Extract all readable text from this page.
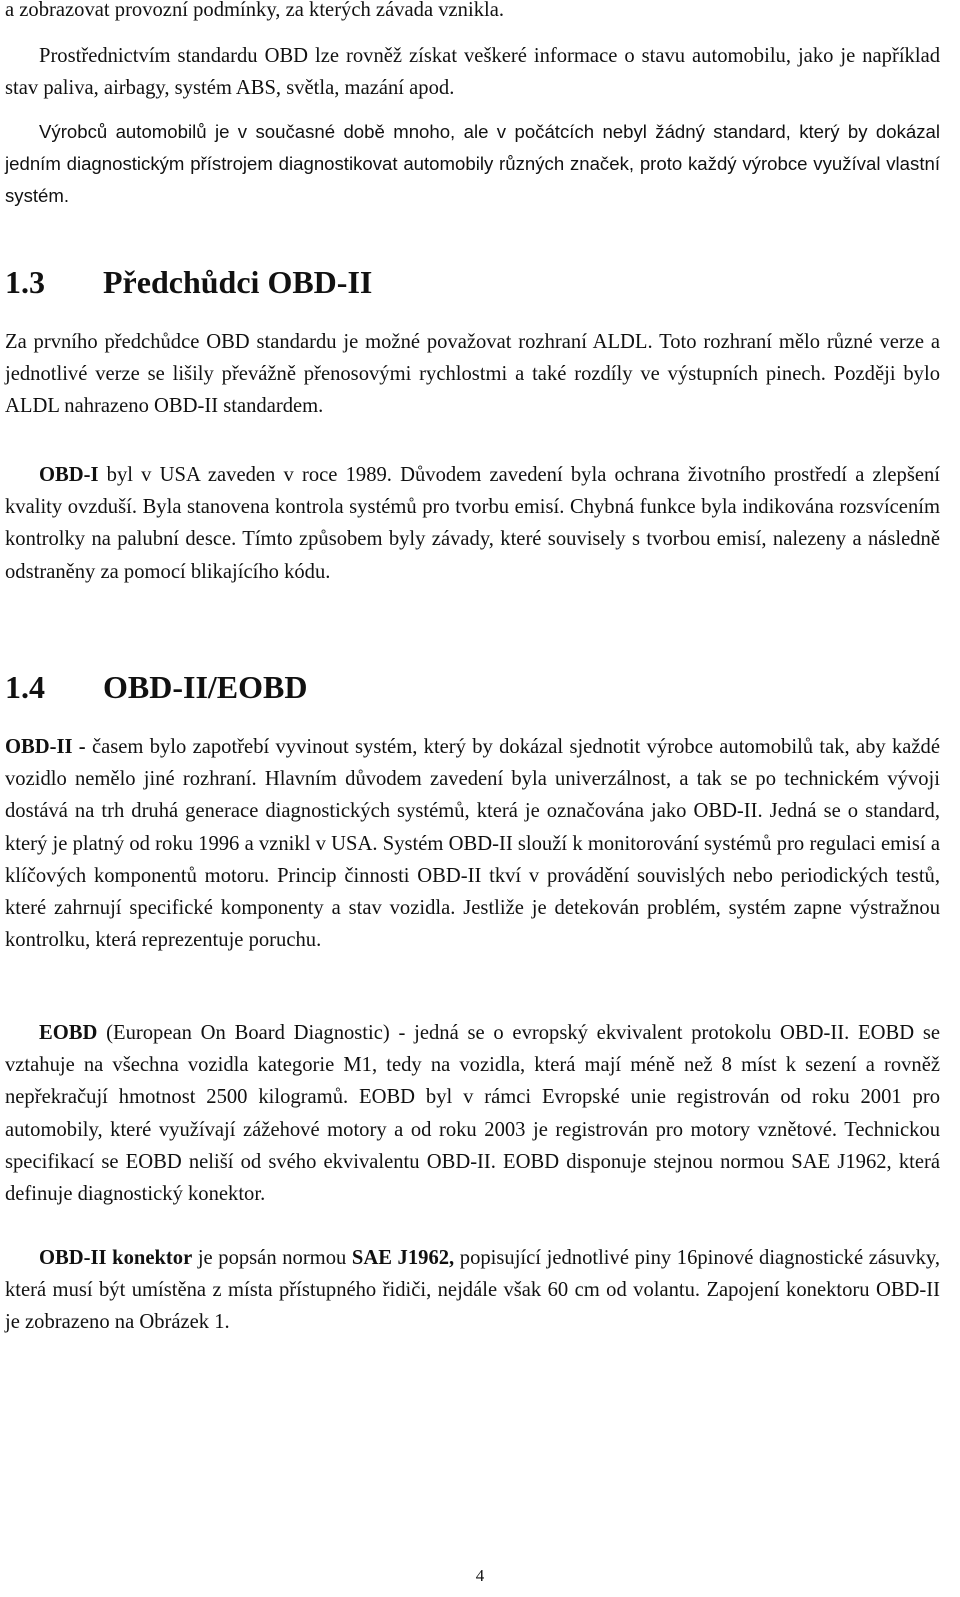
a zobrazovat provozní podmínky, za kterých závada vznikla.

Prostřednictvím standardu OBD lze rovněž získat veškeré informace o stavu automobilu, jako je například stav paliva, airbagy, systém ABS, světla, mazání apod.

Výrobců automobilů je v současné době mnoho, ale v počátcích nebyl žádný standard, který by dokázal jedním diagnostickým přístrojem diagnostikovat automobily různých značek, proto každý výrobce využíval vlastní systém.

1.3 Předchůdci OBD-II

Za prvního předchůdce OBD standardu je možné považovat rozhraní ALDL. Toto rozhraní mělo různé verze a jednotlivé verze se lišily převážně přenosovými rychlostmi a také rozdíly ve výstupních pinech. Později bylo ALDL nahrazeno OBD-II standardem.

OBD-I byl v USA zaveden v roce 1989. Důvodem zavedení byla ochrana životního prostředí a zlepšení kvality ovzduší. Byla stanovena kontrola systémů pro tvorbu emisí. Chybná funkce byla indikována rozsvícením kontrolky na palubní desce. Tímto způsobem byly závady, které souvisely s tvorbou emisí, nalezeny a následně odstraněny za pomocí blikajícího kódu.

1.4 OBD-II/EOBD

OBD-II - časem bylo zapotřebí vyvinout systém, který by dokázal sjednotit výrobce automobilů tak, aby každé vozidlo nemělo jiné rozhraní. Hlavním důvodem zavedení byla univerzálnost, a tak se po technickém vývoji dostává na trh druhá generace diagnostických systémů, která je označována jako OBD-II. Jedná se o standard, který je platný od roku 1996 a vznikl v USA. Systém OBD-II slouží k monitorování systémů pro regulaci emisí a klíčových komponentů motoru. Princip činnosti OBD-II tkví v provádění souvislých nebo periodických testů, které zahrnují specifické komponenty a stav vozidla. Jestliže je detekován problém, systém zapne výstražnou kontrolku, která reprezentuje poruchu.

EOBD (European On Board Diagnostic) - jedná se o evropský ekvivalent protokolu OBD-II. EOBD se vztahuje na všechna vozidla kategorie M1, tedy na vozidla, která mají méně než 8 míst k sezení a rovněž nepřekračují hmotnost 2500 kilogramů. EOBD byl v rámci Evropské unie registrován od roku 2001 pro automobily, které využívají zážehové motory a od roku 2003 je registrován pro motory vznětové. Technickou specifikací se EOBD neliší od svého ekvivalentu OBD-II. EOBD disponuje stejnou normou SAE J1962, která definuje diagnostický konektor.

OBD-II konektor je popsán normou SAE J1962, popisující jednotlivé piny 16pinové diagnostické zásuvky, která musí být umístěna z místa přístupného řidiči, nejdále však 60 cm od volantu. Zapojení konektoru OBD-II je zobrazeno na Obrázek 1.

4
